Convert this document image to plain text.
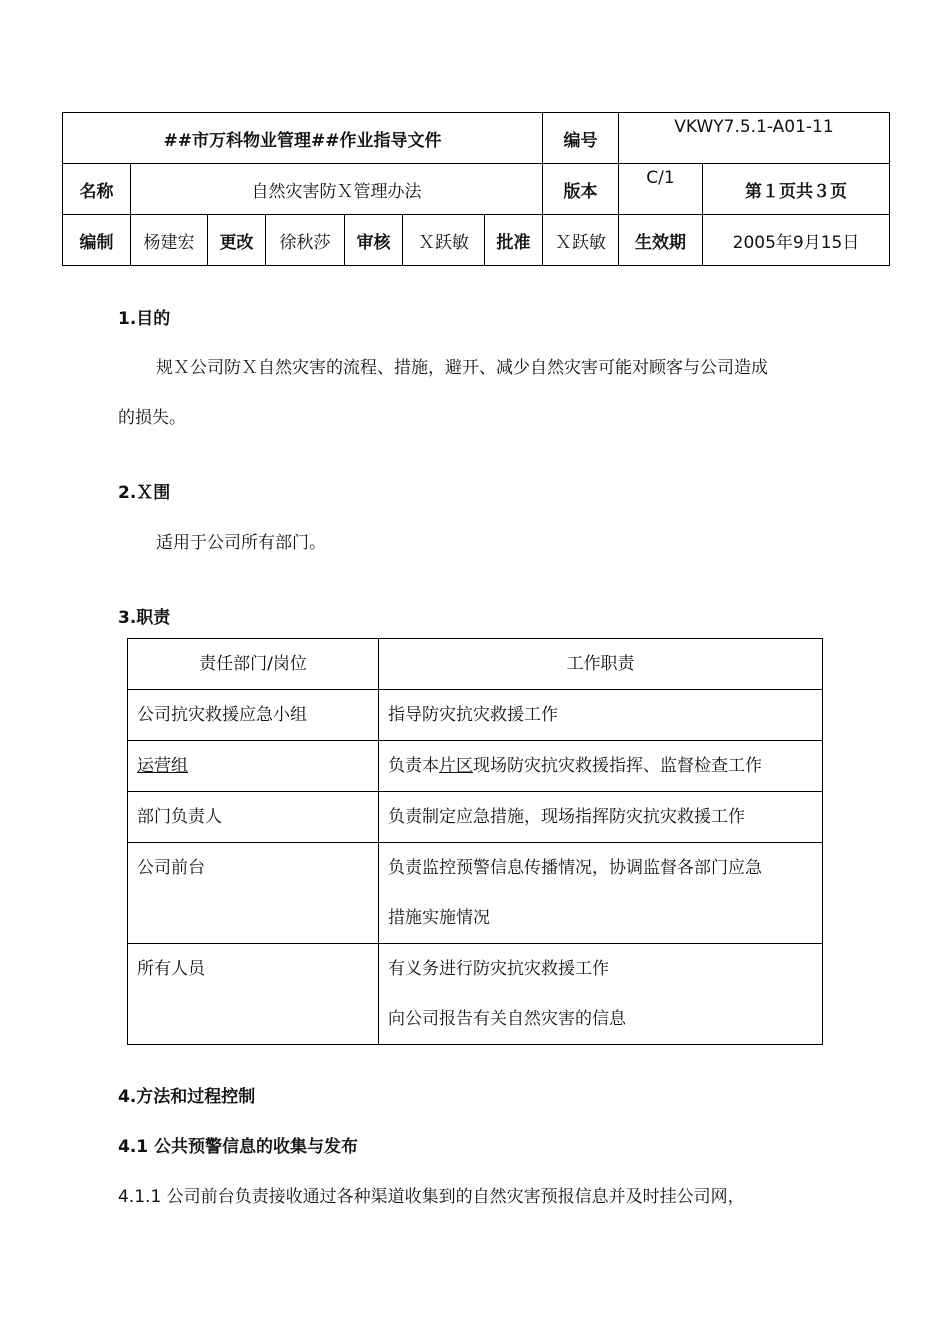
##市万科物业管理##作业指导文件							编号	VKWY7.5.1-A01-11	
名称	自然灾害防Ｘ管理办法						版本	C/1	第１页共３页
编制	杨建宏	更改	徐秋莎	审核	Ｘ跃敏	批准	Ｘ跃敏	生效期	2005年9月15日
1.目的
规Ｘ公司防Ｘ自然灾害的流程、措施，避开、减少自然灾害可能对顾客与公司造成
的损失。
2.Ｘ围
适用于公司所有部门。
3.职责
责任部门/岗位	工作职责

公司抗灾救援应急小组	指导防灾抗灾救援工作

运营组	负责本片区现场防灾抗灾救援指挥、监督检查工作

部门负责人	负责制定应急措施，现场指挥防灾抗灾救援工作

公司前台	负责监控预警信息传播情况，协调监督各部门应急
措施实施情况

所有人员	有义务进行防灾抗灾救援工作
向公司报告有关自然灾害的信息
4.方法和过程控制
4.1 公共预警信息的收集与发布
4.1.1 公司前台负责接收通过各种渠道收集到的自然灾害预报信息并及时挂公司网，
